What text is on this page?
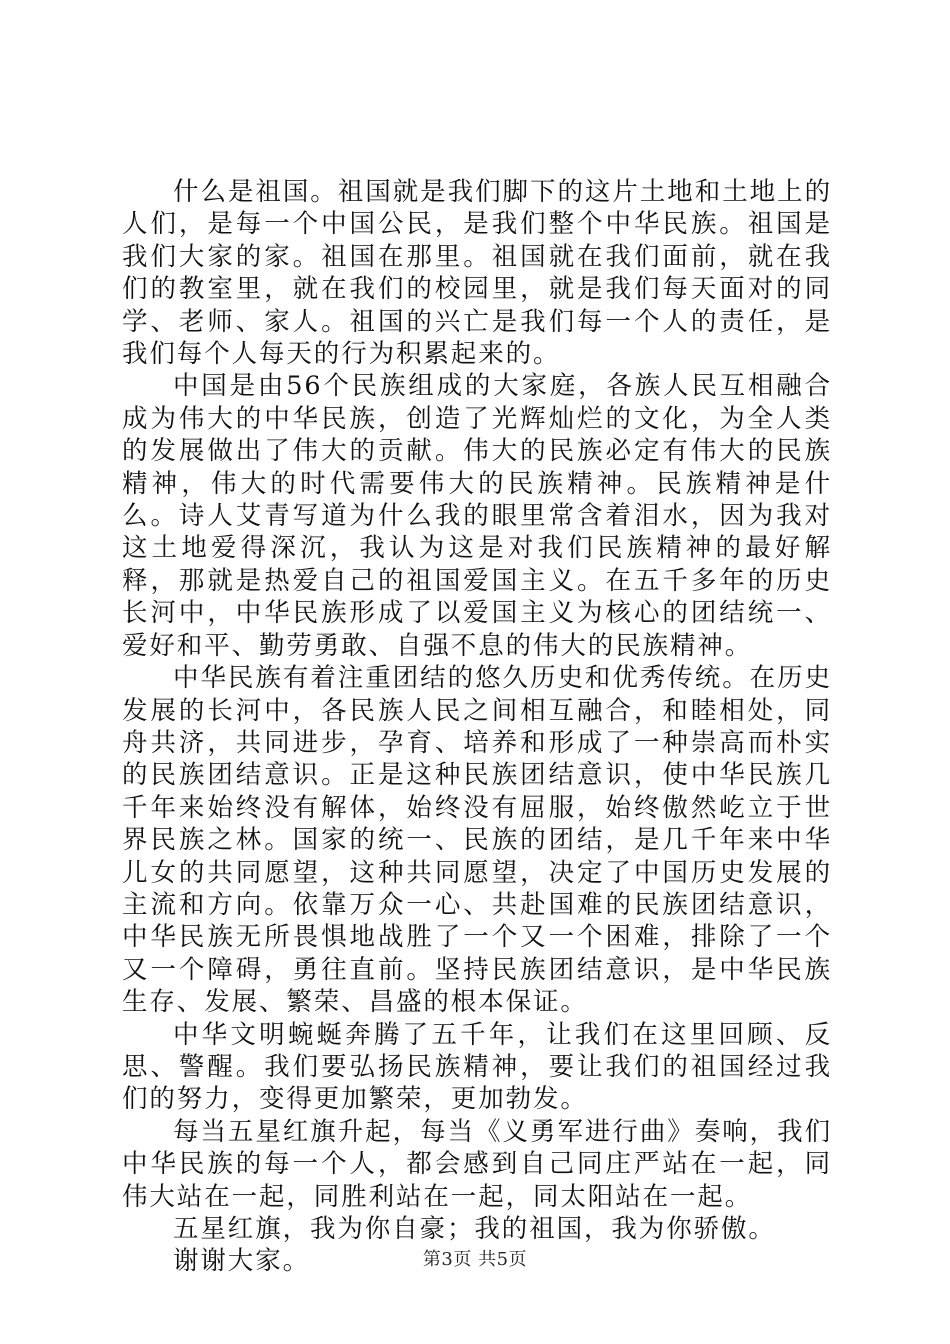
什么是祖国。祖国就是我们脚下的这片土地和土地上的人们，是每一个中国公民，是我们整个中华民族。祖国是我们大家的家。祖国在那里。祖国就在我们面前，就在我们的教室里，就在我们的校园里，就是我们每天面对的同学、老师、家人。祖国的兴亡是我们每一个人的责任，是我们每个人每天的行为积累起来的。

中国是由56个民族组成的大家庭，各族人民互相融合成为伟大的中华民族，创造了光辉灿烂的文化，为全人类的发展做出了伟大的贡献。伟大的民族必定有伟大的民族精神，伟大的时代需要伟大的民族精神。民族精神是什么。诗人艾青写道为什么我的眼里常含着泪水，因为我对这土地爱得深沉，我认为这是对我们民族精神的最好解释，那就是热爱自己的祖国爱国主义。在五千多年的历史长河中，中华民族形成了以爱国主义为核心的团结统一、爱好和平、勤劳勇敢、自强不息的伟大的民族精神。

中华民族有着注重团结的悠久历史和优秀传统。在历史发展的长河中，各民族人民之间相互融合，和睦相处，同舟共济，共同进步，孕育、培养和形成了一种崇高而朴实的民族团结意识。正是这种民族团结意识，使中华民族几千年来始终没有解体，始终没有屈服，始终傲然屹立于世界民族之林。国家的统一、民族的团结，是几千年来中华儿女的共同愿望，这种共同愿望，决定了中国历史发展的主流和方向。依靠万众一心、共赴国难的民族团结意识，中华民族无所畏惧地战胜了一个又一个困难，排除了一个又一个障碍，勇往直前。坚持民族团结意识，是中华民族生存、发展、繁荣、昌盛的根本保证。

中华文明蜿蜒奔腾了五千年，让我们在这里回顾、反思、警醒。我们要弘扬民族精神，要让我们的祖国经过我们的努力，变得更加繁荣，更加勃发。

每当五星红旗升起，每当《义勇军进行曲》奏响，我们中华民族的每一个人，都会感到自己同庄严站在一起，同伟大站在一起，同胜利站在一起，同太阳站在一起。

五星红旗，我为你自豪；我的祖国，我为你骄傲。

谢谢大家。	第3页 共5页
